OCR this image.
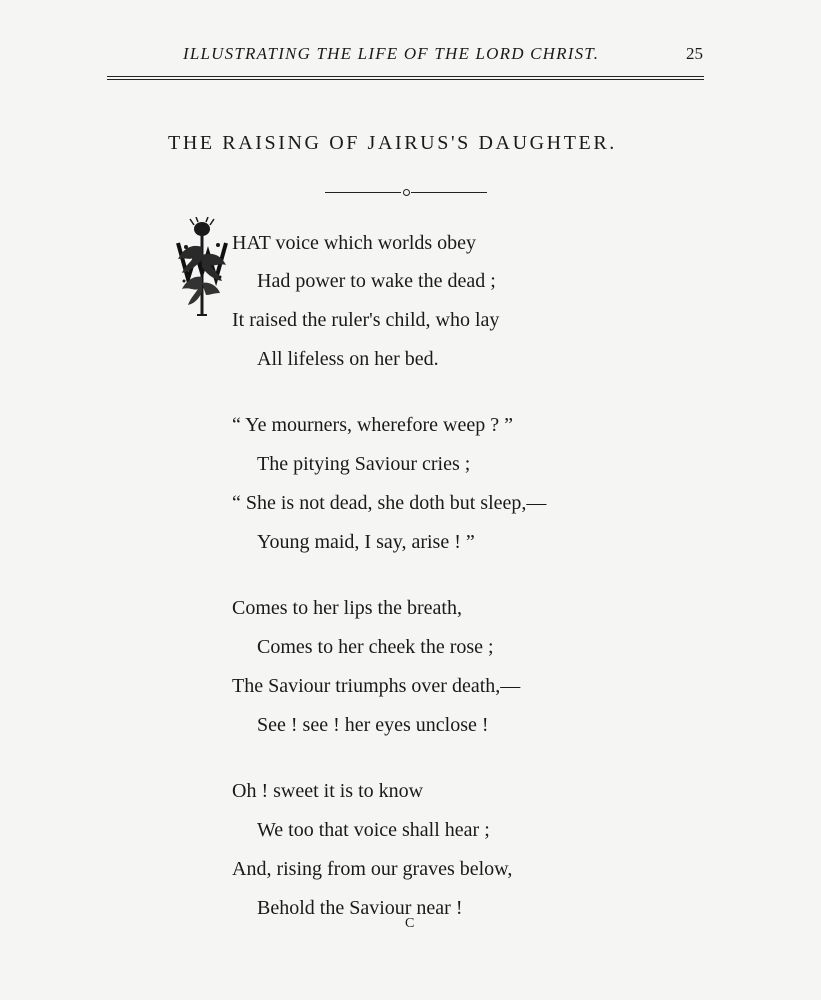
ILLUSTRATING THE LIFE OF THE LORD CHRIST.	25
THE RAISING OF JAIRUS'S DAUGHTER.
HAT voice which worlds obey
Had power to wake the dead ;
It raised the ruler's child, who lay
All lifeless on her bed.
“ Ye mourners, wherefore weep ? ”
The pitying Saviour cries ;
“ She is not dead, she doth but sleep,—
Young maid, I say, arise ! ”
Comes to her lips the breath,
Comes to her cheek the rose ;
The Saviour triumphs over death,—
See ! see ! her eyes unclose !
Oh ! sweet it is to know
We too that voice shall hear ;
And, rising from our graves below,
Behold the Saviour near !
C
